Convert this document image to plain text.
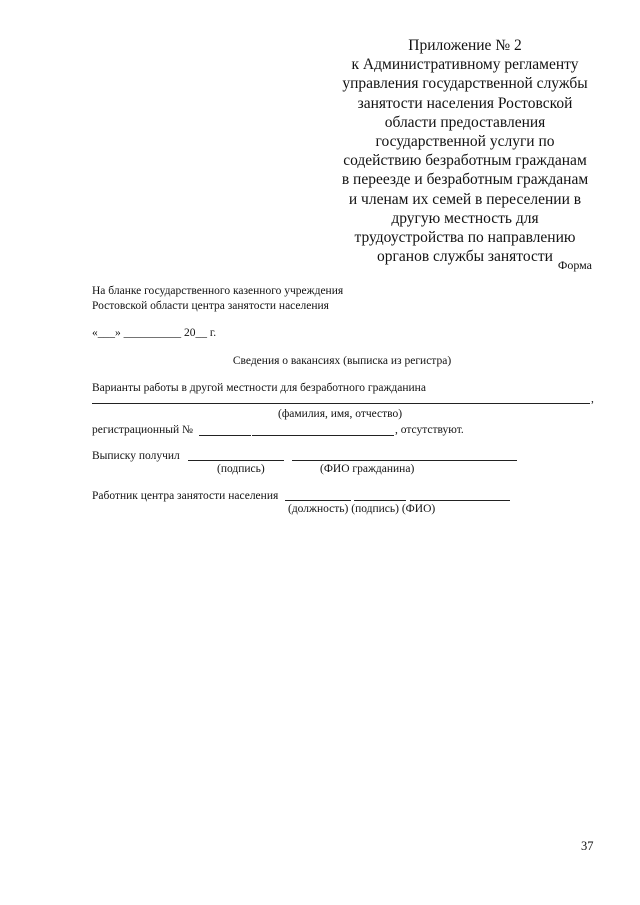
Приложение № 2
к Административному регламенту
управления государственной службы
занятости населения Ростовской
области предоставления
государственной услуги по
содействию безработным гражданам
в переезде и безработным гражданам
и членам их семей в переселении в
другую местность для
трудоустройства по направлению
органов службы занятости Форма
На бланке государственного казенного учреждения
Ростовской области центра занятости населения
«___» __________ 20__ г.
Сведения о вакансиях (выписка из регистра)
Варианты работы в другой местности для безработного гражданина
,
(фамилия, имя, отчество)
регистрационный №	, отсутствуют.
Выписку получил
(подпись)	(ФИО гражданина)
Работник центра занятости населения
(должность) (подпись) (ФИО)
37
